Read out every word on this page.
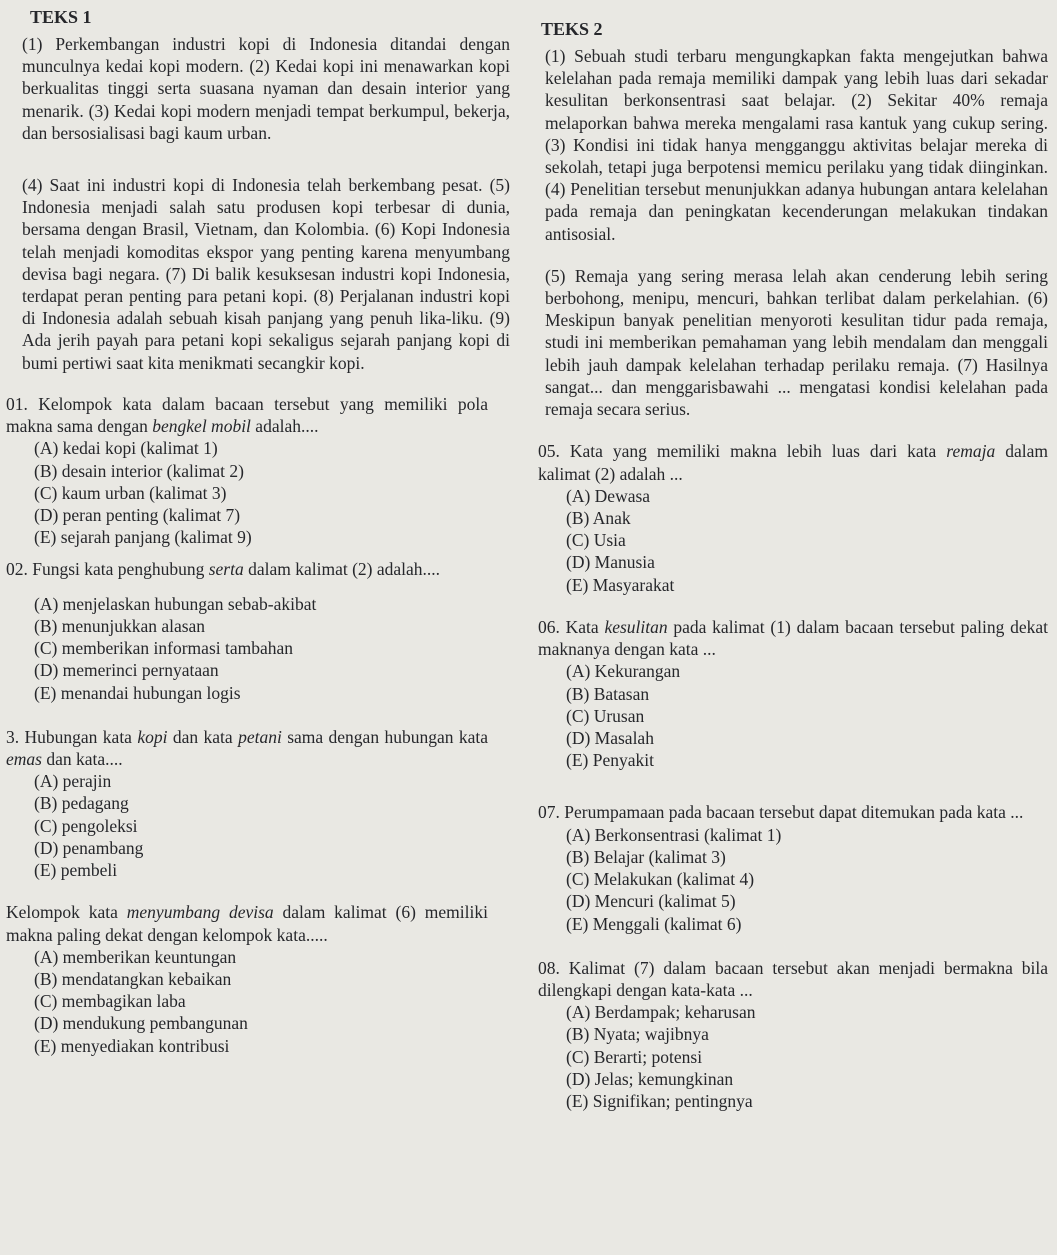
TEKS 1

(1) Perkembangan industri kopi di Indonesia ditandai dengan munculnya kedai kopi modern. (2) Kedai kopi ini menawarkan kopi berkualitas tinggi serta suasana nyaman dan desain interior yang menarik. (3) Kedai kopi modern menjadi tempat berkumpul, bekerja, dan bersosialisasi bagi kaum urban.

(4) Saat ini industri kopi di Indonesia telah berkembang pesat. (5) Indonesia menjadi salah satu produsen kopi terbesar di dunia, bersama dengan Brasil, Vietnam, dan Kolombia. (6) Kopi Indonesia telah menjadi komoditas ekspor yang penting karena menyumbang devisa bagi negara. (7) Di balik kesuksesan industri kopi Indonesia, terdapat peran penting para petani kopi. (8) Perjalanan industri kopi di Indonesia adalah sebuah kisah panjang yang penuh lika-liku. (9) Ada jerih payah para petani kopi sekaligus sejarah panjang kopi di bumi pertiwi saat kita menikmati secangkir kopi.

01. Kelompok kata dalam bacaan tersebut yang memiliki pola makna sama dengan bengkel mobil adalah....

(A) kedai kopi (kalimat 1)

(B) desain interior (kalimat 2)

(C) kaum urban (kalimat 3)

(D) peran penting (kalimat 7)

(E) sejarah panjang (kalimat 9)

02. Fungsi kata penghubung serta dalam kalimat (2) adalah....

(A) menjelaskan hubungan sebab-akibat

(B) menunjukkan alasan

(C) memberikan informasi tambahan

(D) memerinci pernyataan

(E) menandai hubungan logis

3. Hubungan kata kopi dan kata petani sama dengan hubungan kata emas dan kata....

(A) perajin

(B) pedagang

(C) pengoleksi

(D) penambang

(E) pembeli

Kelompok kata menyumbang devisa dalam kalimat (6) memiliki makna paling dekat dengan kelompok kata.....

(A) memberikan keuntungan

(B) mendatangkan kebaikan

(C) membagikan laba

(D) mendukung pembangunan

(E) menyediakan kontribusi

TEKS 2

(1) Sebuah studi terbaru mengungkapkan fakta mengejutkan bahwa kelelahan pada remaja memiliki dampak yang lebih luas dari sekadar kesulitan berkonsentrasi saat belajar. (2) Sekitar 40% remaja melaporkan bahwa mereka mengalami rasa kantuk yang cukup sering. (3) Kondisi ini tidak hanya mengganggu aktivitas belajar mereka di sekolah, tetapi juga berpotensi memicu perilaku yang tidak diinginkan. (4) Penelitian tersebut menunjukkan adanya hubungan antara kelelahan pada remaja dan peningkatan kecenderungan melakukan tindakan antisosial.

(5) Remaja yang sering merasa lelah akan cenderung lebih sering berbohong, menipu, mencuri, bahkan terlibat dalam perkelahian. (6) Meskipun banyak penelitian menyoroti kesulitan tidur pada remaja, studi ini memberikan pemahaman yang lebih mendalam dan menggali lebih jauh dampak kelelahan terhadap perilaku remaja. (7) Hasilnya sangat... dan menggarisbawahi ... mengatasi kondisi kelelahan pada remaja secara serius.

05. Kata yang memiliki makna lebih luas dari kata remaja dalam kalimat (2) adalah ...

(A) Dewasa

(B) Anak

(C) Usia

(D) Manusia

(E) Masyarakat

06. Kata kesulitan pada kalimat (1) dalam bacaan tersebut paling dekat maknanya dengan kata ...

(A) Kekurangan

(B) Batasan

(C) Urusan

(D) Masalah

(E) Penyakit

07. Perumpamaan pada bacaan tersebut dapat ditemukan pada kata ...

(A) Berkonsentrasi (kalimat 1)

(B) Belajar (kalimat 3)

(C) Melakukan (kalimat 4)

(D) Mencuri (kalimat 5)

(E) Menggali (kalimat 6)

08. Kalimat (7) dalam bacaan tersebut akan menjadi bermakna bila dilengkapi dengan kata-kata ...

(A) Berdampak; keharusan

(B) Nyata; wajibnya

(C) Berarti; potensi

(D) Jelas; kemungkinan

(E) Signifikan; pentingnya
